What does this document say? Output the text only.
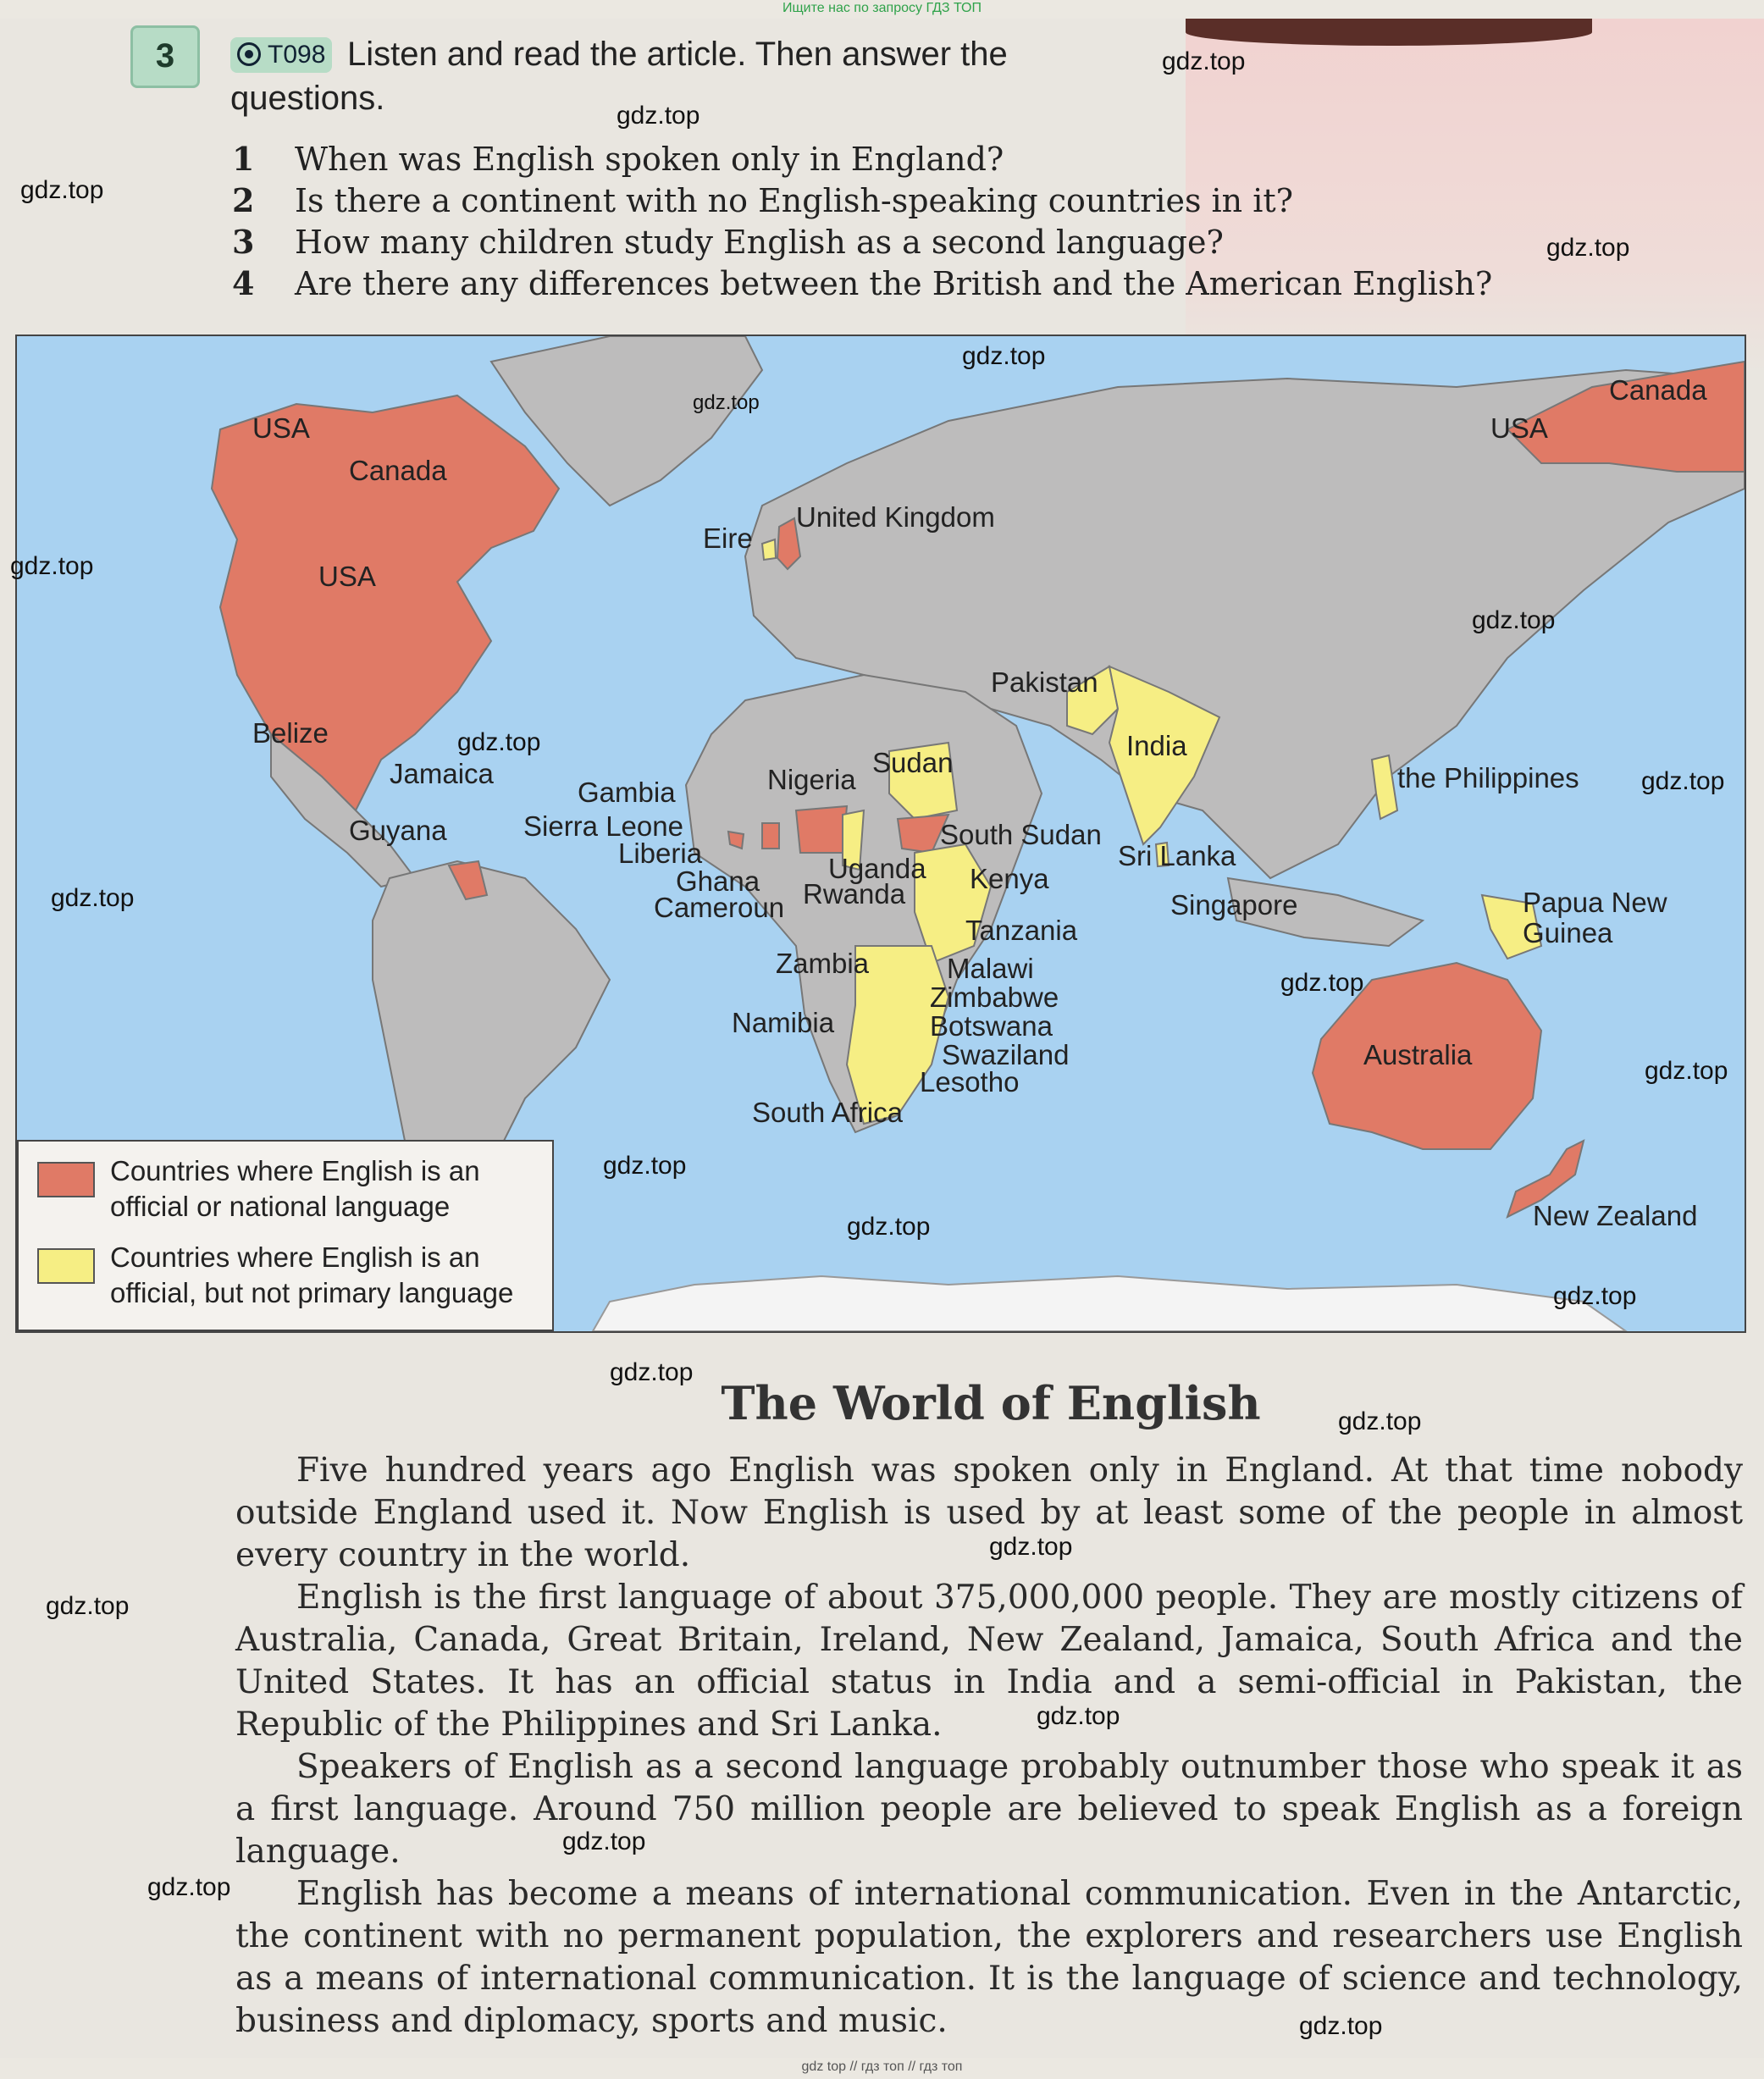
Ищите нас по запросу ГДЗ ТОП
3	T098 Listen and read the article. Then answer the
questions.
1 When was English spoken only in England?
2 Is there a continent with no English-speaking countries in it?
3 How many children study English as a second language?
4 Are there any differences between the British and the American English?
USA
Canada
USA
Eire
United Kingdom
Pakistan
India
Belize
Jamaica
Guyana
Gambia
Sierra Leone
Liberia
Nigeria
Sudan
South Sudan
Ghana
Cameroun
Uganda
Rwanda Kenya
Tanzania
Zambia	Malawi
Zimbabwe
Botswana
Namibia
Swaziland
Lesotho
South Africa
Sri Lanka
Singapore
the Philippines
Papua New
Guinea
Australia
New Zealand
Canada
USA
Countries where English is an
official or national language
Countries where English is an
official, but not primary language
The World of English
Five hundred years ago English was spoken only in England. At that time nobody outside England used it. Now English is used by at least some of the people in almost every country in the world.
English is the first language of about 375,000,000 people. They are mostly citizens of Australia, Canada, Great Britain, Ireland, New Zealand, Jamaica, South Africa and the United States. It has an official status in India and a semi-official in Pakistan, the Republic of the Philippines and Sri Lanka.
Speakers of English as a second language probably outnumber those who speak it as a first language. Around 750 million people are believed to speak English as a foreign language.
English has become a means of international communication. Even in the Antarctic, the continent with no permanent population, the explorers and researchers use English as a means of international communication. It is the language of science and technology, business and diplomacy, sports and music.
gdz.top
gdz.top
gdz.top
gdz.top
gdz.top
gdz.top
gdz.top
gdz.top
gdz.top
gdz.top
gdz.top
gdz.top
gdz.top
gdz.top
gdz.top
gdz.top
gdz.top
gdz.top
gdz.top
gdz.top
gdz.top
gdz.top
gdz.top
gdz.top
gdz top // гдз топ // гдз топ
